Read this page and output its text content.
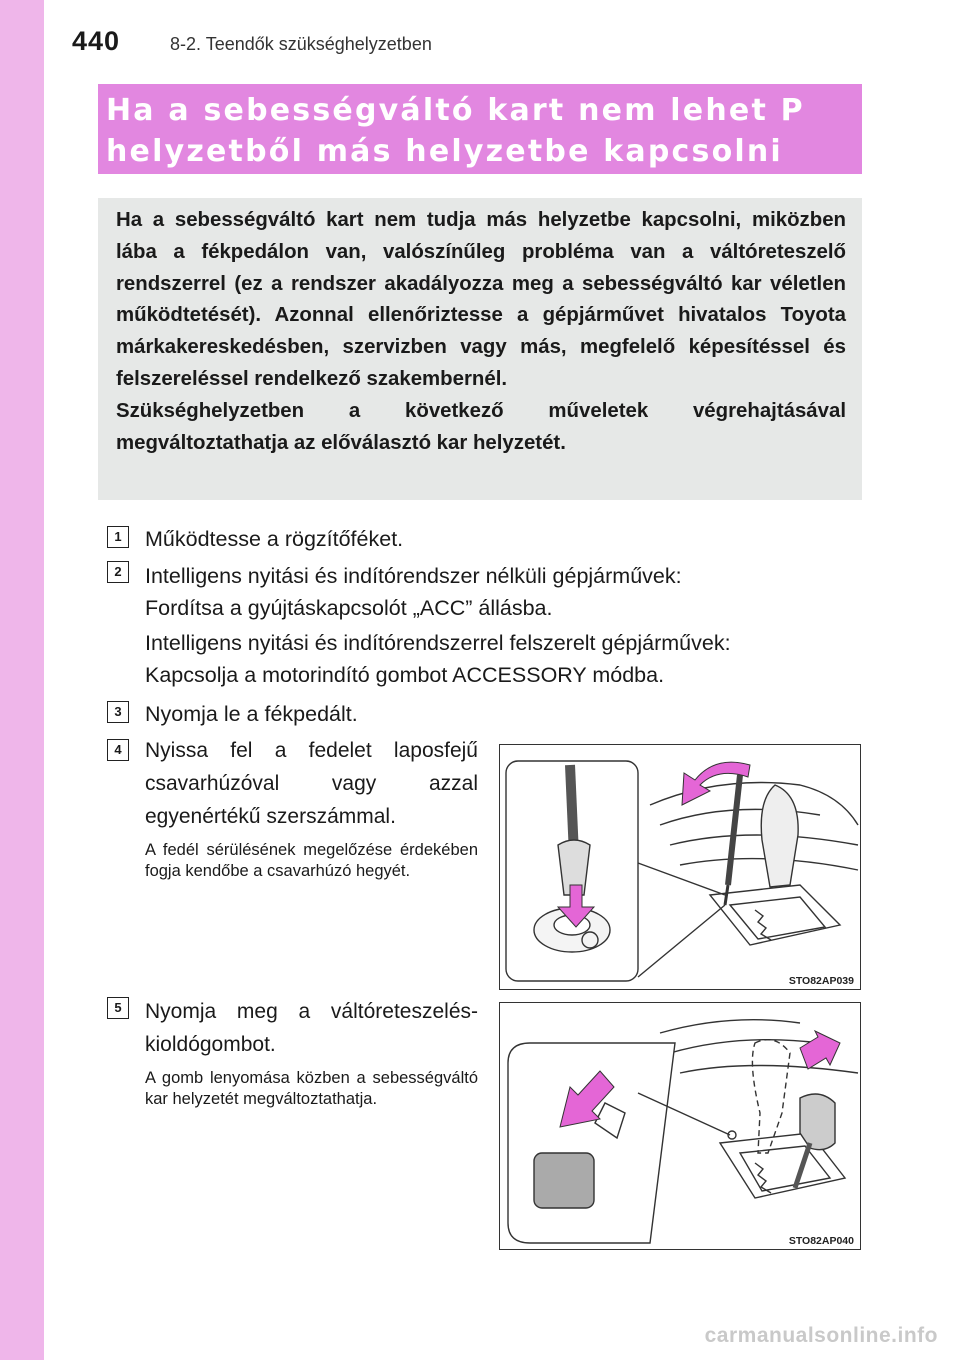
440	8-2. Teendők szükséghelyzetben
Ha a sebességváltó kart nem lehet P
helyzetből más helyzetbe kapcsolni

Ha a sebességváltó kart nem tudja más helyzetbe kapcsolni, miközben lába a fékpedálon van, valószínűleg probléma van a váltóreteszelő rendszerrel (ez a rendszer akadályozza meg a sebességváltó kar véletlen működtetését). Azonnal ellenőriztesse a gépjárművet hivatalos Toyota márkakereskedésben, szervizben vagy más, megfelelő képesítéssel és felszereléssel rendelkező szakembernél.

Szükséghelyzetben a következő műveletek végrehajtásával megváltoztathatja az előválasztó kar helyzetét.

1	Működtesse a rögzítőféket.
2	Intelligens nyitási és indítórendszer nélküli gépjárművek:
Fordítsa a gyújtáskapcsolót „ACC” állásba.
Intelligens nyitási és indítórendszerrel felszerelt gépjárművek:
Kapcsolja a motorindító gombot ACCESSORY módba.
3	Nyomja le a fékpedált.
4	Nyissa fel a fedelet laposfejű csavarhúzóval vagy azzal egyenértékű szerszámmal.
A fedél sérülésének megelőzése érdekében fogja kendőbe a csavarhúzó hegyét.
STO82AP039
5	Nyomja meg a váltóreteszelés-kioldógombot.
A gomb lenyomása közben a sebességváltó kar helyzetét megváltoztathatja.
STO82AP040
carmanualsonline.info
